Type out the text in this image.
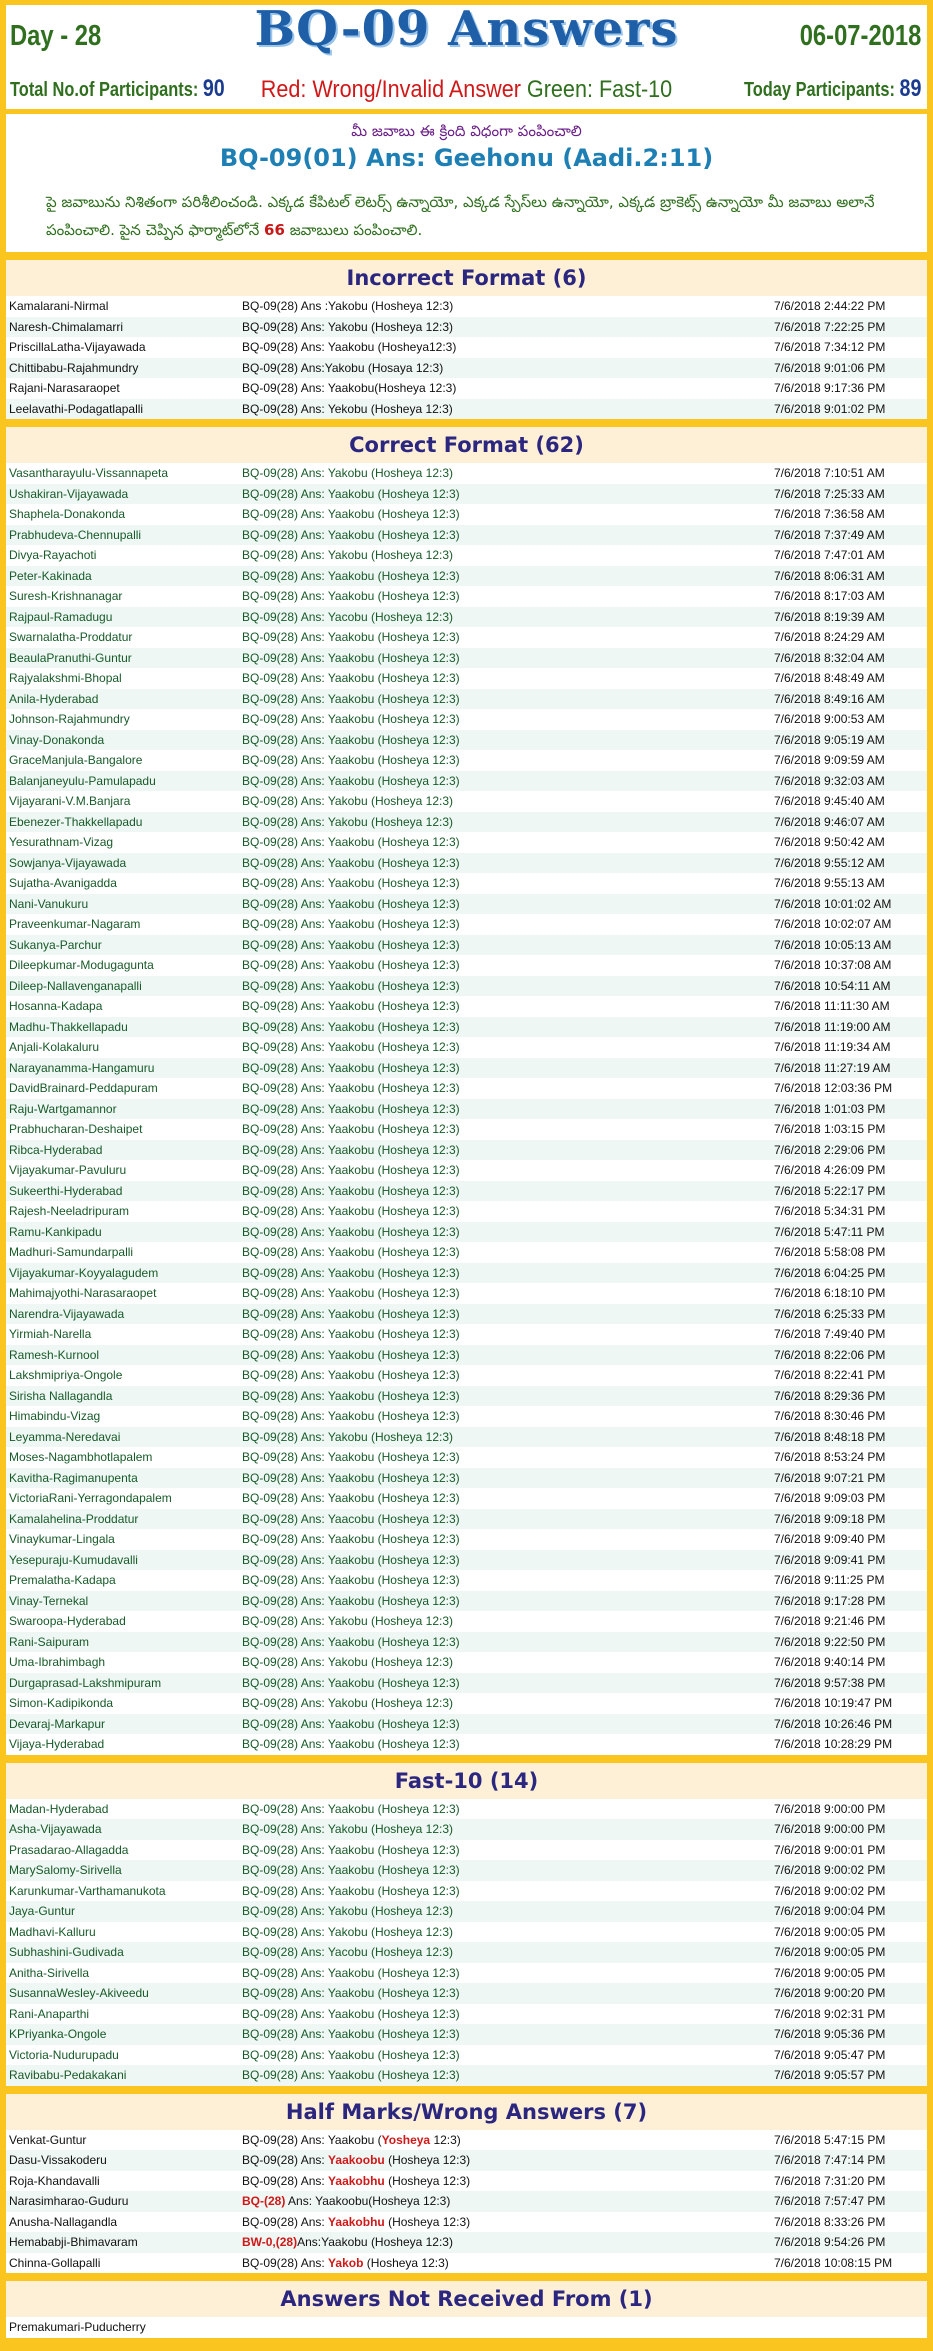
Day - 28	BQ-09 Answers	06-07-2018
Total No.of Participants: 90	Red: Wrong/Invalid Answer Green: Fast-10	Today Participants: 89
మీ జవాబు ఈ క్రింది విధంగా పంపించాలి
BQ-09(01) Ans: Geehonu (Aadi.2:11)
పై జవాబును నిశితంగా పరిశీలించండి. ఎక్కడ కేపిటల్ లెటర్స్ ఉన్నాయో, ఎక్కడ స్పేస్‌లు ఉన్నాయో, ఎక్కడ బ్రాకెట్స్ ఉన్నాయో మీ జవాబు అలానే పంపించాలి. పైన చెప్పిన ఫార్మాట్‌లోనే 66 జవాబులు పంపించాలి.
Incorrect Format (6)
Kamalarani-Nirmal	BQ-09(28) Ans :Yakobu (Hosheya 12:3)	7/6/2018 2:44:22 PM
Naresh-Chimalamarri	BQ-09(28) Ans: Yakobu (Hosheya 12:3)	7/6/2018 7:22:25 PM
PriscillaLatha-Vijayawada	BQ-09(28) Ans: Yaakobu (Hosheya12:3)	7/6/2018 7:34:12 PM
Chittibabu-Rajahmundry	BQ-09(28) Ans:Yakobu (Hosaya 12:3)	7/6/2018 9:01:06 PM
Rajani-Narasaraopet	BQ-09(28) Ans: Yaakobu(Hosheya 12:3)	7/6/2018 9:17:36 PM
Leelavathi-Podagatlapalli	BQ-09(28) Ans: Yekobu (Hosheya 12:3)	7/6/2018 9:01:02 PM
Correct Format (62)
Vasantharayulu-Vissannapeta	BQ-09(28) Ans: Yakobu (Hosheya 12:3)	7/6/2018 7:10:51 AM
Ushakiran-Vijayawada	BQ-09(28) Ans: Yaakobu (Hosheya 12:3)	7/6/2018 7:25:33 AM
Shaphela-Donakonda	BQ-09(28) Ans: Yaakobu (Hosheya 12:3)	7/6/2018 7:36:58 AM
Prabhudeva-Chennupalli	BQ-09(28) Ans: Yaakobu (Hosheya 12:3)	7/6/2018 7:37:49 AM
Divya-Rayachoti	BQ-09(28) Ans: Yakobu (Hosheya 12:3)	7/6/2018 7:47:01 AM
Peter-Kakinada	BQ-09(28) Ans: Yaakobu (Hosheya 12:3)	7/6/2018 8:06:31 AM
Suresh-Krishnanagar	BQ-09(28) Ans: Yaakobu (Hosheya 12:3)	7/6/2018 8:17:03 AM
Rajpaul-Ramadugu	BQ-09(28) Ans: Yacobu (Hosheya 12:3)	7/6/2018 8:19:39 AM
Swarnalatha-Proddatur	BQ-09(28) Ans: Yaakobu (Hosheya 12:3)	7/6/2018 8:24:29 AM
BeaulaPranuthi-Guntur	BQ-09(28) Ans: Yaakobu (Hosheya 12:3)	7/6/2018 8:32:04 AM
Rajyalakshmi-Bhopal	BQ-09(28) Ans: Yaakobu (Hosheya 12:3)	7/6/2018 8:48:49 AM
Anila-Hyderabad	BQ-09(28) Ans: Yaakobu (Hosheya 12:3)	7/6/2018 8:49:16 AM
Johnson-Rajahmundry	BQ-09(28) Ans: Yaakobu (Hosheya 12:3)	7/6/2018 9:00:53 AM
Vinay-Donakonda	BQ-09(28) Ans: Yaakobu (Hosheya 12:3)	7/6/2018 9:05:19 AM
GraceManjula-Bangalore	BQ-09(28) Ans: Yaakobu (Hosheya 12:3)	7/6/2018 9:09:59 AM
Balanjaneyulu-Pamulapadu	BQ-09(28) Ans: Yaakobu (Hosheya 12:3)	7/6/2018 9:32:03 AM
Vijayarani-V.M.Banjara	BQ-09(28) Ans: Yakobu (Hosheya 12:3)	7/6/2018 9:45:40 AM
Ebenezer-Thakkellapadu	BQ-09(28) Ans: Yakobu (Hosheya 12:3)	7/6/2018 9:46:07 AM
Yesurathnam-Vizag	BQ-09(28) Ans: Yaakobu (Hosheya 12:3)	7/6/2018 9:50:42 AM
Sowjanya-Vijayawada	BQ-09(28) Ans: Yaakobu (Hosheya 12:3)	7/6/2018 9:55:12 AM
Sujatha-Avanigadda	BQ-09(28) Ans: Yaakobu (Hosheya 12:3)	7/6/2018 9:55:13 AM
Nani-Vanukuru	BQ-09(28) Ans: Yaakobu (Hosheya 12:3)	7/6/2018 10:01:02 AM
Praveenkumar-Nagaram	BQ-09(28) Ans: Yaakobu (Hosheya 12:3)	7/6/2018 10:02:07 AM
Sukanya-Parchur	BQ-09(28) Ans: Yaakobu (Hosheya 12:3)	7/6/2018 10:05:13 AM
Dileepkumar-Modugagunta	BQ-09(28) Ans: Yaakobu (Hosheya 12:3)	7/6/2018 10:37:08 AM
Dileep-Nallavenganapalli	BQ-09(28) Ans: Yaakobu (Hosheya 12:3)	7/6/2018 10:54:11 AM
Hosanna-Kadapa	BQ-09(28) Ans: Yaakobu (Hosheya 12:3)	7/6/2018 11:11:30 AM
Madhu-Thakkellapadu	BQ-09(28) Ans: Yaakobu (Hosheya 12:3)	7/6/2018 11:19:00 AM
Anjali-Kolakaluru	BQ-09(28) Ans: Yaakobu (Hosheya 12:3)	7/6/2018 11:19:34 AM
Narayanamma-Hangamuru	BQ-09(28) Ans: Yaakobu (Hosheya 12:3)	7/6/2018 11:27:19 AM
DavidBrainard-Peddapuram	BQ-09(28) Ans: Yaakobu (Hosheya 12:3)	7/6/2018 12:03:36 PM
Raju-Wartgamannor	BQ-09(28) Ans: Yaakobu (Hosheya 12:3)	7/6/2018 1:01:03 PM
Prabhucharan-Deshaipet	BQ-09(28) Ans: Yaakobu (Hosheya 12:3)	7/6/2018 1:03:15 PM
Ribca-Hyderabad	BQ-09(28) Ans: Yaakobu (Hosheya 12:3)	7/6/2018 2:29:06 PM
Vijayakumar-Pavuluru	BQ-09(28) Ans: Yaakobu (Hosheya 12:3)	7/6/2018 4:26:09 PM
Sukeerthi-Hyderabad	BQ-09(28) Ans: Yaakobu (Hosheya 12:3)	7/6/2018 5:22:17 PM
Rajesh-Neeladripuram	BQ-09(28) Ans: Yaakobu (Hosheya 12:3)	7/6/2018 5:34:31 PM
Ramu-Kankipadu	BQ-09(28) Ans: Yaakobu (Hosheya 12:3)	7/6/2018 5:47:11 PM
Madhuri-Samundarpalli	BQ-09(28) Ans: Yaakobu (Hosheya 12:3)	7/6/2018 5:58:08 PM
Vijayakumar-Koyyalagudem	BQ-09(28) Ans: Yaakobu (Hosheya 12:3)	7/6/2018 6:04:25 PM
Mahimajyothi-Narasaraopet	BQ-09(28) Ans: Yaakobu (Hosheya 12:3)	7/6/2018 6:18:10 PM
Narendra-Vijayawada	BQ-09(28) Ans: Yaakobu (Hosheya 12:3)	7/6/2018 6:25:33 PM
Yirmiah-Narella	BQ-09(28) Ans: Yaakobu (Hosheya 12:3)	7/6/2018 7:49:40 PM
Ramesh-Kurnool	BQ-09(28) Ans: Yaakobu (Hosheya 12:3)	7/6/2018 8:22:06 PM
Lakshmipriya-Ongole	BQ-09(28) Ans: Yaakobu (Hosheya 12:3)	7/6/2018 8:22:41 PM
Sirisha Nallagandla	BQ-09(28) Ans: Yaakobu (Hosheya 12:3)	7/6/2018 8:29:36 PM
Himabindu-Vizag	BQ-09(28) Ans: Yaakobu (Hosheya 12:3)	7/6/2018 8:30:46 PM
Leyamma-Neredavai	BQ-09(28) Ans: Yakobu (Hosheya 12:3)	7/6/2018 8:48:18 PM
Moses-Nagambhotlapalem	BQ-09(28) Ans: Yaakobu (Hosheya 12:3)	7/6/2018 8:53:24 PM
Kavitha-Ragimanupenta	BQ-09(28) Ans: Yaakobu (Hosheya 12:3)	7/6/2018 9:07:21 PM
VictoriaRani-Yerragondapalem	BQ-09(28) Ans: Yaakobu (Hosheya 12:3)	7/6/2018 9:09:03 PM
Kamalahelina-Proddatur	BQ-09(28) Ans: Yaacobu (Hosheya 12:3)	7/6/2018 9:09:18 PM
Vinaykumar-Lingala	BQ-09(28) Ans: Yaakobu (Hosheya 12:3)	7/6/2018 9:09:40 PM
Yesepuraju-Kumudavalli	BQ-09(28) Ans: Yaakobu (Hosheya 12:3)	7/6/2018 9:09:41 PM
Premalatha-Kadapa	BQ-09(28) Ans: Yaakobu (Hosheya 12:3)	7/6/2018 9:11:25 PM
Vinay-Ternekal	BQ-09(28) Ans: Yaakobu (Hosheya 12:3)	7/6/2018 9:17:28 PM
Swaroopa-Hyderabad	BQ-09(28) Ans: Yakobu (Hosheya 12:3)	7/6/2018 9:21:46 PM
Rani-Saipuram	BQ-09(28) Ans: Yaakobu (Hosheya 12:3)	7/6/2018 9:22:50 PM
Uma-Ibrahimbagh	BQ-09(28) Ans: Yakobu (Hosheya 12:3)	7/6/2018 9:40:14 PM
Durgaprasad-Lakshmipuram	BQ-09(28) Ans: Yaakobu (Hosheya 12:3)	7/6/2018 9:57:38 PM
Simon-Kadipikonda	BQ-09(28) Ans: Yakobu (Hosheya 12:3)	7/6/2018 10:19:47 PM
Devaraj-Markapur	BQ-09(28) Ans: Yaakobu (Hosheya 12:3)	7/6/2018 10:26:46 PM
Vijaya-Hyderabad	BQ-09(28) Ans: Yaakobu (Hosheya 12:3)	7/6/2018 10:28:29 PM
Fast-10 (14)
Madan-Hyderabad	BQ-09(28) Ans: Yaakobu (Hosheya 12:3)	7/6/2018 9:00:00 PM
Asha-Vijayawada	BQ-09(28) Ans: Yakobu (Hosheya 12:3)	7/6/2018 9:00:00 PM
Prasadarao-Allagadda	BQ-09(28) Ans: Yaakobu (Hosheya 12:3)	7/6/2018 9:00:01 PM
MarySalomy-Sirivella	BQ-09(28) Ans: Yaakobu (Hosheya 12:3)	7/6/2018 9:00:02 PM
Karunkumar-Varthamanukota	BQ-09(28) Ans: Yaakobu (Hosheya 12:3)	7/6/2018 9:00:02 PM
Jaya-Guntur	BQ-09(28) Ans: Yakobu (Hosheya 12:3)	7/6/2018 9:00:04 PM
Madhavi-Kalluru	BQ-09(28) Ans: Yakobu (Hosheya 12:3)	7/6/2018 9:00:05 PM
Subhashini-Gudivada	BQ-09(28) Ans: Yacobu (Hosheya 12:3)	7/6/2018 9:00:05 PM
Anitha-Sirivella	BQ-09(28) Ans: Yaakobu (Hosheya 12:3)	7/6/2018 9:00:05 PM
SusannaWesley-Akiveedu	BQ-09(28) Ans: Yaakobu (Hosheya 12:3)	7/6/2018 9:00:20 PM
Rani-Anaparthi	BQ-09(28) Ans: Yaakobu (Hosheya 12:3)	7/6/2018 9:02:31 PM
KPriyanka-Ongole	BQ-09(28) Ans: Yaakobu (Hosheya 12:3)	7/6/2018 9:05:36 PM
Victoria-Nudurupadu	BQ-09(28) Ans: Yaakobu (Hosheya 12:3)	7/6/2018 9:05:47 PM
Ravibabu-Pedakakani	BQ-09(28) Ans: Yaakobu (Hosheya 12:3)	7/6/2018 9:05:57 PM
Half Marks/Wrong Answers (7)
Venkat-Guntur	BQ-09(28) Ans: Yaakobu (Yosheya 12:3)	7/6/2018 5:47:15 PM
Dasu-Vissakoderu	BQ-09(28) Ans: Yaakoobu (Hosheya 12:3)	7/6/2018 7:47:14 PM
Roja-Khandavalli	BQ-09(28) Ans: Yaakobhu (Hosheya 12:3)	7/6/2018 7:31:20 PM
Narasimharao-Guduru	BQ-(28) Ans: Yaakoobu(Hosheya 12:3)	7/6/2018 7:57:47 PM
Anusha-Nallagandla	BQ-09(28) Ans: Yaakobhu (Hosheya 12:3)	7/6/2018 8:33:26 PM
Hemababji-Bhimavaram	BW-0,(28)Ans:Yaakobu (Hosheya 12:3)	7/6/2018 9:54:26 PM
Chinna-Gollapalli	BQ-09(28) Ans: Yakob (Hosheya 12:3)	7/6/2018 10:08:15 PM
Answers Not Received From (1)
Premakumari-Puducherry
